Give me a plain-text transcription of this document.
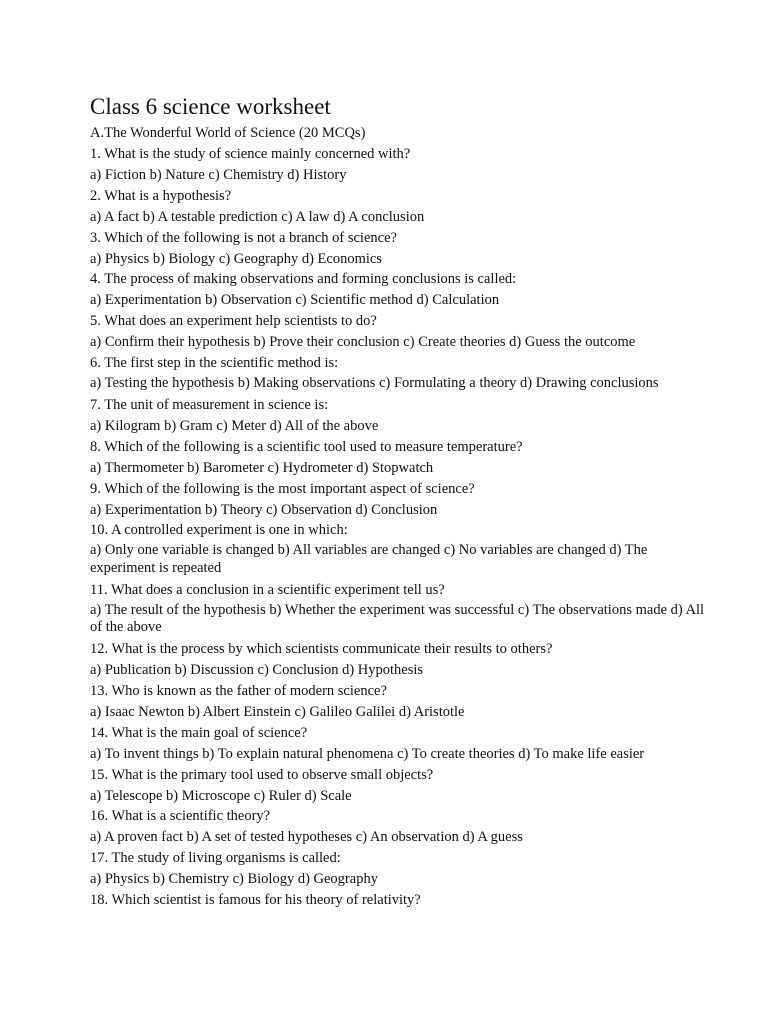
Class 6 science worksheet

A.The Wonderful World of Science (20 MCQs)

1. What is the study of science mainly concerned with?

a) Fiction b) Nature c) Chemistry d) History

2. What is a hypothesis?

a) A fact b) A testable prediction c) A law d) A conclusion

3. Which of the following is not a branch of science?

a) Physics b) Biology c) Geography d) Economics

4. The process of making observations and forming conclusions is called:

a) Experimentation b) Observation c) Scientific method d) Calculation

5. What does an experiment help scientists to do?

a) Confirm their hypothesis b) Prove their conclusion c) Create theories d) Guess the outcome

6. The first step in the scientific method is:

a) Testing the hypothesis b) Making observations c) Formulating a theory d) Drawing conclusions

7. The unit of measurement in science is:

a) Kilogram b) Gram c) Meter d) All of the above

8. Which of the following is a scientific tool used to measure temperature?

a) Thermometer b) Barometer c) Hydrometer d) Stopwatch

9. Which of the following is the most important aspect of science?

a) Experimentation b) Theory c) Observation d) Conclusion

10. A controlled experiment is one in which:

a) Only one variable is changed b) All variables are changed c) No variables are changed d) The experiment is repeated

11. What does a conclusion in a scientific experiment tell us?

a) The result of the hypothesis b) Whether the experiment was successful c) The observations made d) All of the above

12. What is the process by which scientists communicate their results to others?

a) Publication b) Discussion c) Conclusion d) Hypothesis

13. Who is known as the father of modern science?

a) Isaac Newton b) Albert Einstein c) Galileo Galilei d) Aristotle

14. What is the main goal of science?

a) To invent things b) To explain natural phenomena c) To create theories d) To make life easier

15. What is the primary tool used to observe small objects?

a) Telescope b) Microscope c) Ruler d) Scale

16. What is a scientific theory?

a) A proven fact b) A set of tested hypotheses c) An observation d) A guess

17. The study of living organisms is called:

a) Physics b) Chemistry c) Biology d) Geography

18. Which scientist is famous for his theory of relativity?
